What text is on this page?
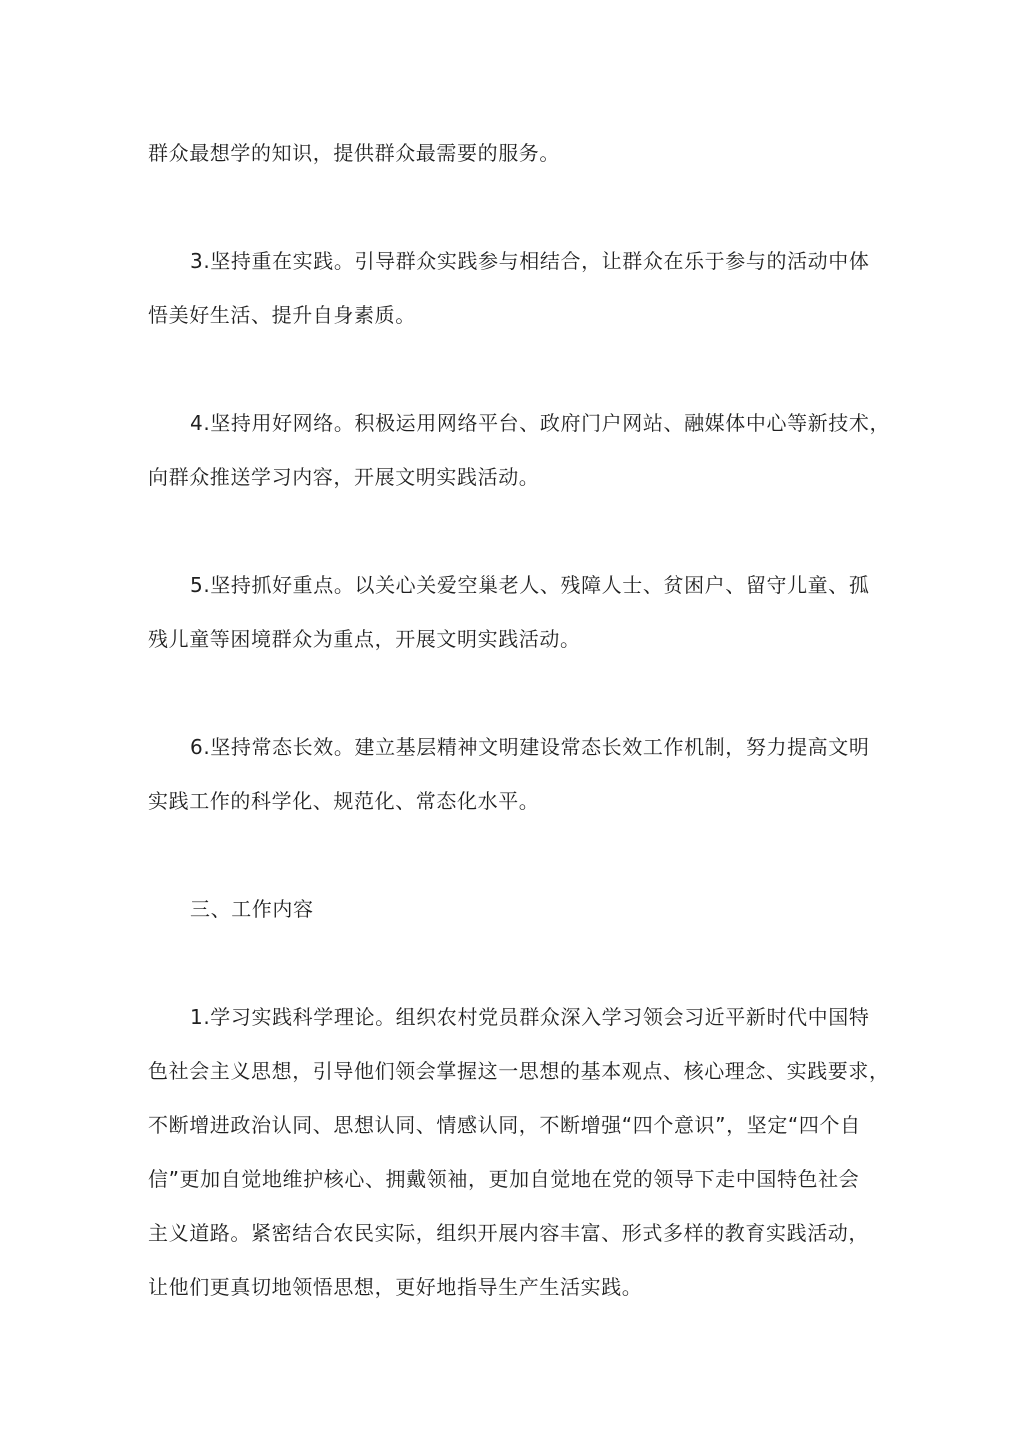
群众最想学的知识，提供群众最需要的服务。

3.坚持重在实践。引导群众实践参与相结合，让群众在乐于参与的活动中体
悟美好生活、提升自身素质。

4.坚持用好网络。积极运用网络平台、政府门户网站、融媒体中心等新技术，
向群众推送学习内容，开展文明实践活动。

5.坚持抓好重点。以关心关爱空巢老人、残障人士、贫困户、留守儿童、孤
残儿童等困境群众为重点，开展文明实践活动。

6.坚持常态长效。建立基层精神文明建设常态长效工作机制，努力提高文明
实践工作的科学化、规范化、常态化水平。

三、工作内容

1.学习实践科学理论。组织农村党员群众深入学习领会习近平新时代中国特
色社会主义思想，引导他们领会掌握这一思想的基本观点、核心理念、实践要求，
不断增进政治认同、思想认同、情感认同，不断增强“四个意识”，坚定“四个自
信”更加自觉地维护核心、拥戴领袖，更加自觉地在党的领导下走中国特色社会
主义道路。紧密结合农民实际，组织开展内容丰富、形式多样的教育实践活动，
让他们更真切地领悟思想，更好地指导生产生活实践。
